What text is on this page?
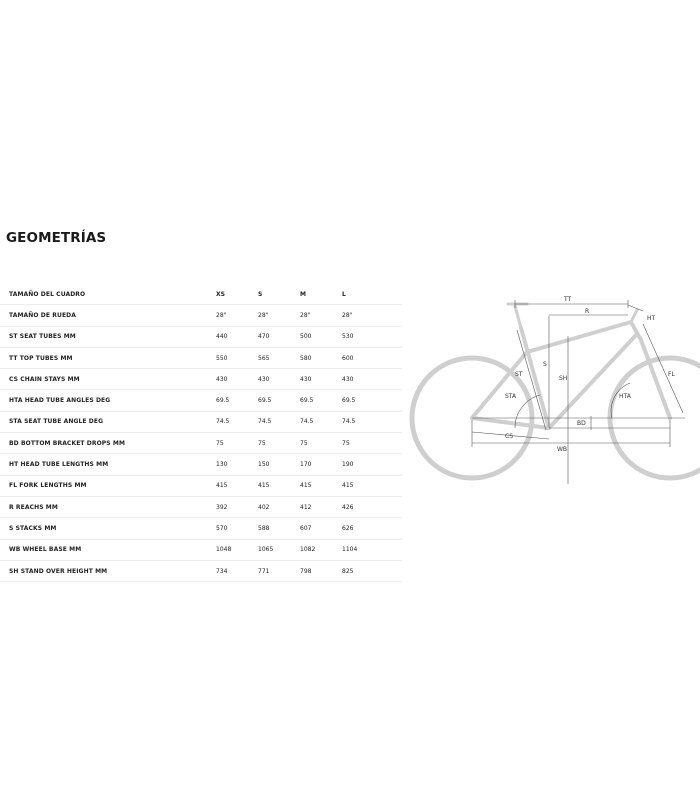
GEOMETRÍAS
TAMAÑO DEL CUADRO	XS	S	M	L
TAMAÑO DE RUEDA	28"	28"	28"	28"
ST SEAT TUBES MM	440	470	500	530
TT TOP TUBES MM	550	565	580	600
CS CHAIN STAYS MM	430	430	430	430
HTA HEAD TUBE ANGLES DEG	69.5	69.5	69.5	69.5
STA SEAT TUBE ANGLE DEG	74.5	74.5	74.5	74.5
BD BOTTOM BRACKET DROPS MM	75	75	75	75
HT HEAD TUBE LENGTHS MM	130	150	170	190
FL FORK LENGTHS MM	415	415	415	415
R REACHS MM	392	402	412	426
S STACKS MM	570	588	607	626
WB WHEEL BASE MM	1048	1065	1082	1104
SH STAND OVER HEIGHT MM	734	771	798	825
TT
R
HT
FL
S
SH
ST
STA	HTA
BD
CS
WB
